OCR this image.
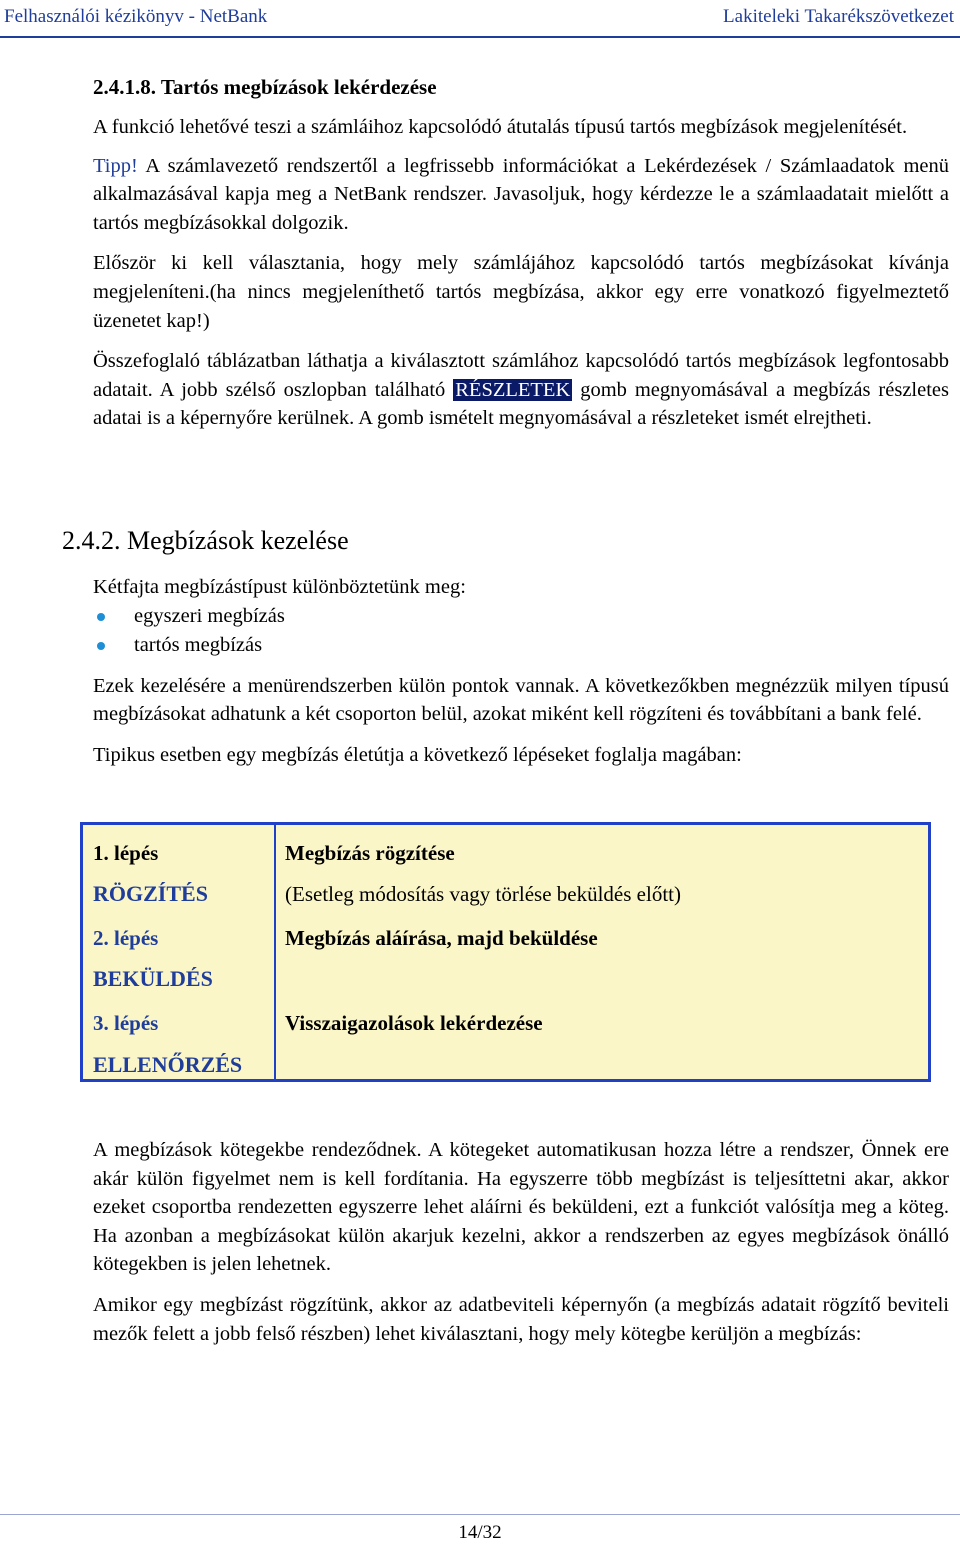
Felhasználói kézikönyv - NetBank	Lakiteleki Takarékszövetkezet
2.4.1.8. Tartós megbízások lekérdezése

A funkció lehetővé teszi a számláihoz kapcsolódó átutalás típusú tartós megbízások megjelenítését.

Tipp! A számlavezető rendszertől a legfrissebb információkat a Lekérdezések / Számlaadatok menü alkalmazásával kapja meg a NetBank rendszer. Javasoljuk, hogy kérdezze le a számlaadatait mielőtt a tartós megbízásokkal dolgozik.

Először ki kell választania, hogy mely számlájához kapcsolódó tartós megbízásokat kívánja megjeleníteni.(ha nincs megjeleníthető tartós megbízása, akkor egy erre vonatkozó figyelmeztető üzenetet kap!)

Összefoglaló táblázatban láthatja a kiválasztott számlához kapcsolódó tartós megbízások legfontosabb adatait. A jobb szélső oszlopban található RÉSZLETEK gomb megnyomásával a megbízás részletes adatai is a képernyőre kerülnek. A gomb ismételt megnyomásával a részleteket ismét elrejtheti.

2.4.2. Megbízások kezelése

Kétfajta megbízástípust különböztetünk meg:

egyszeri megbízás
tartós megbízás

Ezek kezelésére a menürendszerben külön pontok vannak. A következőkben megnézzük milyen típusú megbízásokat adhatunk a két csoporton belül, azokat miként kell rögzíteni és továbbítani a bank felé.

Tipikus esetben egy megbízás életútja a következő lépéseket foglalja magában:

1. lépés
RÖGZÍTÉS
Megbízás rögzítése
(Esetleg módosítás vagy törlése beküldés előtt)
2. lépés
BEKÜLDÉS
Megbízás aláírása, majd beküldése
3. lépés
ELLENŐRZÉS
Visszaigazolások lekérdezése

A megbízások kötegekbe rendeződnek. A kötegeket automatikusan hozza létre a rendszer, Önnek ere akár külön figyelmet nem is kell fordítania. Ha egyszerre több megbízást is teljesíttetni akar, akkor ezeket csoportba rendezetten egyszerre lehet aláírni és beküldeni, ezt a funkciót valósítja meg a köteg. Ha azonban a megbízásokat külön akarjuk kezelni, akkor a rendszerben az egyes megbízások önálló kötegekben is jelen lehetnek.

Amikor egy megbízást rögzítünk, akkor az adatbeviteli képernyőn (a megbízás adatait rögzítő beviteli mezők felett a jobb felső részben) lehet kiválasztani, hogy mely kötegbe kerüljön a megbízás:

14/32
